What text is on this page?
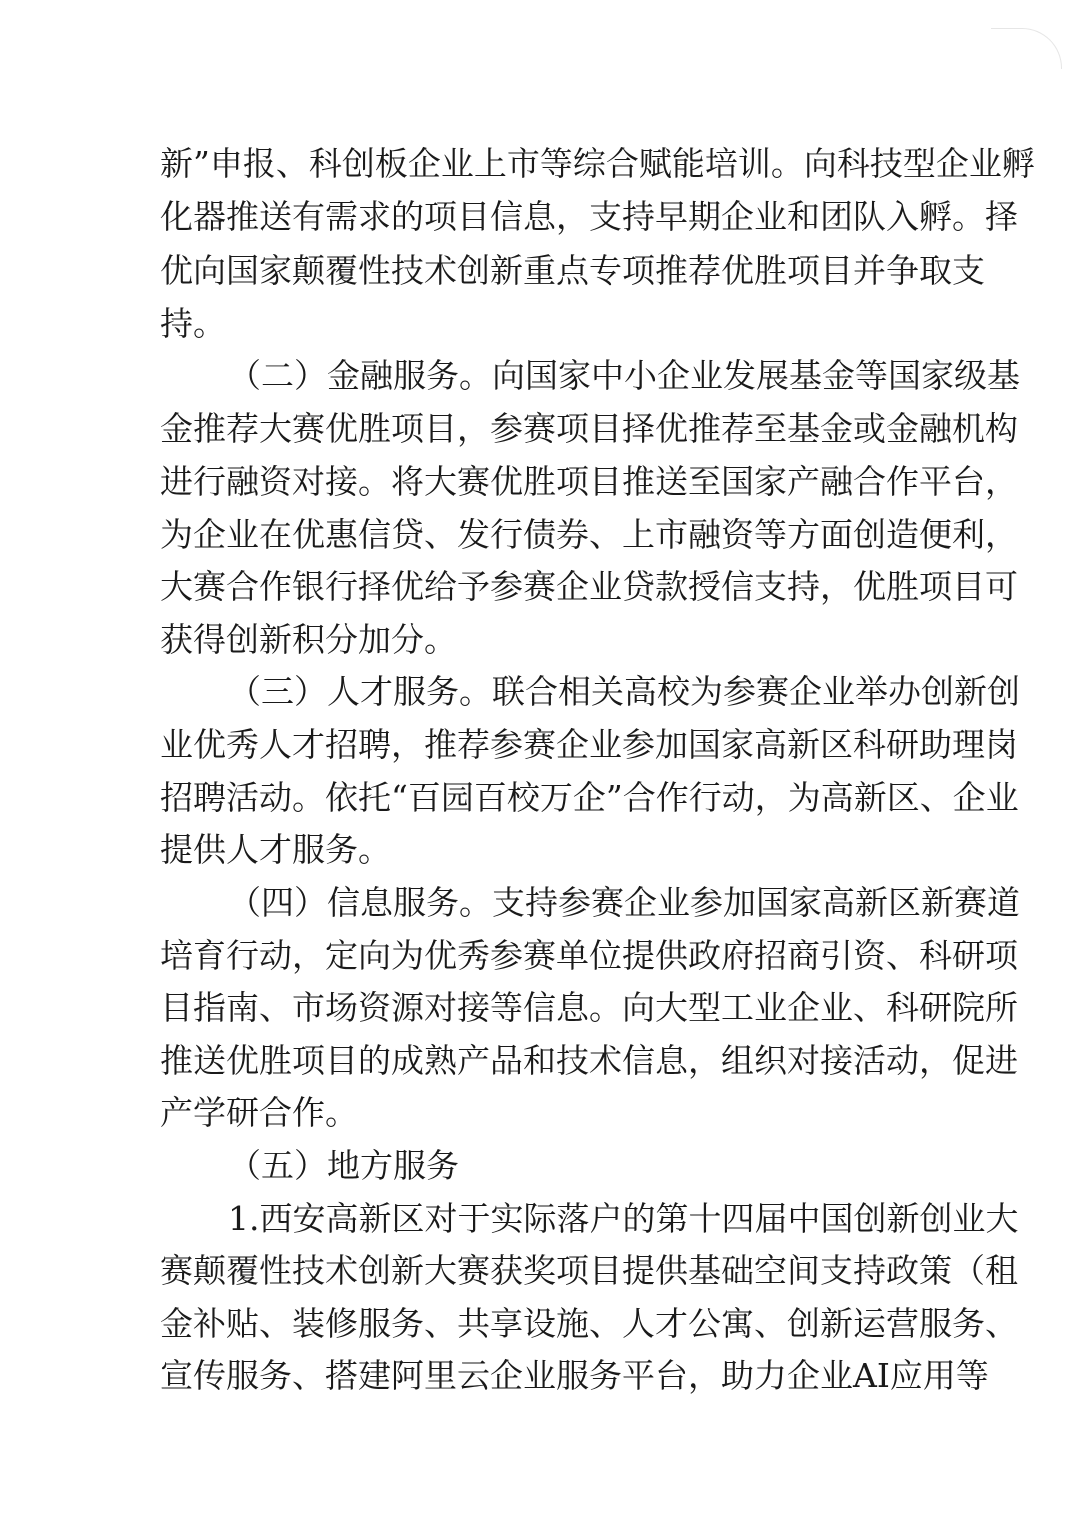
新”申报、科创板企业上市等综合赋能培训。向科技型企业孵
化器推送有需求的项目信息，支持早期企业和团队入孵。择
优向国家颠覆性技术创新重点专项推荐优胜项目并争取支
持。
（二）金融服务。向国家中小企业发展基金等国家级基
金推荐大赛优胜项目，参赛项目择优推荐至基金或金融机构
进行融资对接。将大赛优胜项目推送至国家产融合作平台，
为企业在优惠信贷、发行债券、上市融资等方面创造便利，
大赛合作银行择优给予参赛企业贷款授信支持，优胜项目可
获得创新积分加分。
（三）人才服务。联合相关高校为参赛企业举办创新创
业优秀人才招聘，推荐参赛企业参加国家高新区科研助理岗
招聘活动。依托“百园百校万企”合作行动，为高新区、企业
提供人才服务。
（四）信息服务。支持参赛企业参加国家高新区新赛道
培育行动，定向为优秀参赛单位提供政府招商引资、科研项
目指南、市场资源对接等信息。向大型工业企业、科研院所
推送优胜项目的成熟产品和技术信息，组织对接活动，促进
产学研合作。
（五）地方服务
1.西安高新区对于实际落户的第十四届中国创新创业大
赛颠覆性技术创新大赛获奖项目提供基础空间支持政策（租
金补贴、装修服务、共享设施、人才公寓、创新运营服务、
宣传服务、搭建阿里云企业服务平台，助力企业AI应用等
